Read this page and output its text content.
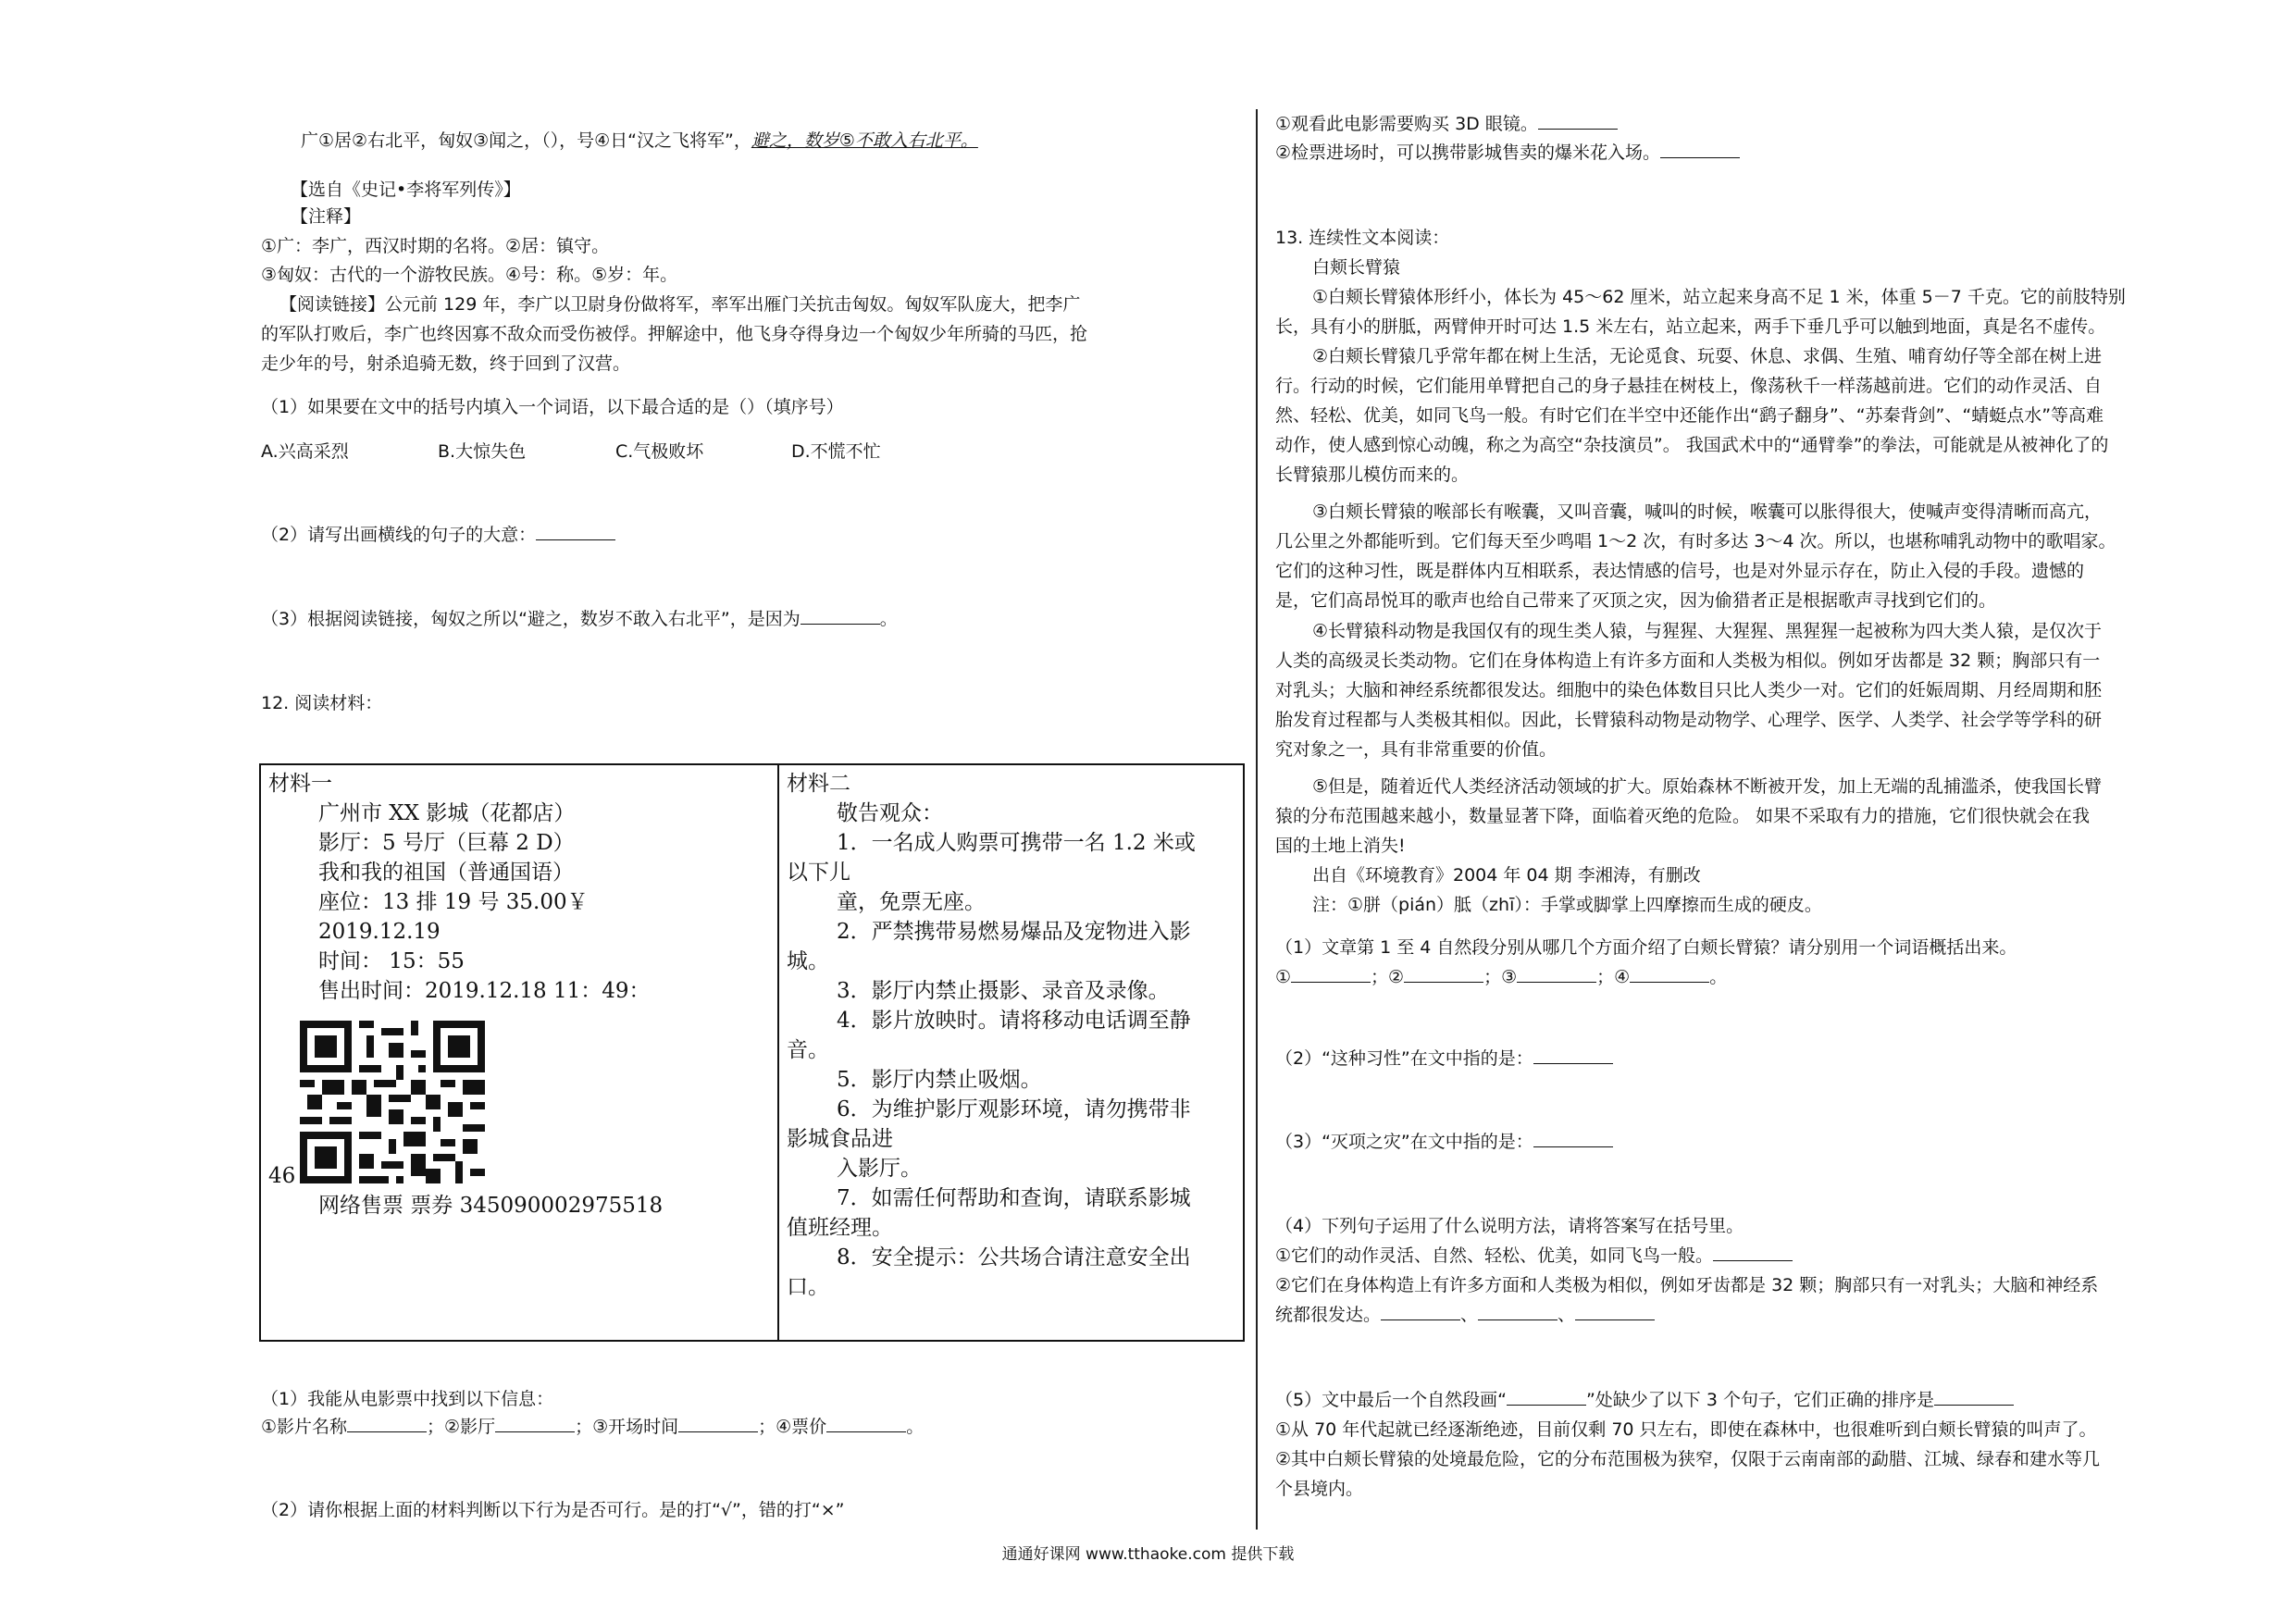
广①居②右北平，匈奴③闻之，（），号④日“汉之飞将军”，避之，数岁⑤不敢入右北平。

【选自《史记•李将军列传》】

【注释】

①广：李广，西汉时期的名将。②居：镇守。

③匈奴：古代的一个游牧民族。④号：称。⑤岁：年。

【阅读链接】公元前 129 年，李广以卫尉身份做将军，率军出雁门关抗击匈奴。匈奴军队庞大，把李广

的军队打败后，李广也终因寡不敌众而受伤被俘。押解途中，他飞身夺得身边一个匈奴少年所骑的马匹，抢

走少年的号，射杀追骑无数，终于回到了汉营。

（1）如果要在文中的括号内填入一个词语，以下最合适的是（）（填序号）

A.兴高采烈	B.大惊失色	C.气极败坏	D.不慌不忙

（2）请写出画横线的句子的大意：

（3）根据阅读链接，匈奴之所以“避之，数岁不敢入右北平”，是因为	。

12. 阅读材料：

材料一

广州市 XX 影城（花都店）

影厅：5 号厅（巨幕 2 D）

我和我的祖国（普通国语）

座位：13 排 19 号 35.00￥

2019.12.19

时间： 15：55

售出时间：2019.12.18 11：49：

46

网络售票 票券 345090002975518

材料二

敬告观众：

1．一名成人购票可携带一名 1.2 米或

以下儿

童，免票无座。

2．严禁携带易燃易爆品及宠物进入影

城。

3．影厅内禁止摄影、录音及录像。

4．影片放映时。请将移动电话调至静

音。

5．影厅内禁止吸烟。

6．为维护影厅观影环境，请勿携带非

影城食品进

入影厅。

7．如需任何帮助和查询，请联系影城

值班经理。

8．安全提示：公共场合请注意安全出

口。

（1）我能从电影票中找到以下信息：

①影片名称	；②影厅	；③开场时间	；④票价	。

（2）请你根据上面的材料判断以下行为是否可行。是的打“√”，错的打“×”

①观看此电影需要购买 3D 眼镜。

②检票进场时，可以携带影城售卖的爆米花入场。

13. 连续性文本阅读：

白颊长臂猿

①白颊长臂猿体形纤小，体长为 45～62 厘米，站立起来身高不足 1 米，体重 5－7 千克。它的前肢特别

长，具有小的胼胝，两臂伸开时可达 1.5 米左右，站立起来，两手下垂几乎可以触到地面，真是名不虚传。

②白颊长臂猿几乎常年都在树上生活，无论觅食、玩耍、休息、求偶、生殖、哺育幼仔等全部在树上进

行。行动的时候，它们能用单臂把自己的身子悬挂在树枝上，像荡秋千一样荡越前进。它们的动作灵活、自

然、轻松、优美，如同飞鸟一般。有时它们在半空中还能作出“鹞子翻身”、“苏秦背剑”、“蜻蜓点水”等高难

动作，使人感到惊心动魄，称之为高空“杂技演员”。 我国武术中的“通臂拳”的拳法，可能就是从被神化了的

长臂猿那儿模仿而来的。

③白颊长臂猿的喉部长有喉囊，又叫音囊，喊叫的时候，喉囊可以胀得很大，使喊声变得清晰而高亢，

几公里之外都能听到。它们每天至少鸣唱 1～2 次，有时多达 3～4 次。所以，也堪称哺乳动物中的歌唱家。

它们的这种习性，既是群体内互相联系，表达情感的信号，也是对外显示存在，防止入侵的手段。遗憾的

是，它们高昂悦耳的歌声也给自己带来了灭顶之灾，因为偷猎者正是根据歌声寻找到它们的。

④长臂猿科动物是我国仅有的现生类人猿，与猩猩、大猩猩、黑猩猩一起被称为四大类人猿，是仅次于

人类的高级灵长类动物。它们在身体构造上有许多方面和人类极为相似。例如牙齿都是 32 颗；胸部只有一

对乳头；大脑和神经系统都很发达。细胞中的染色体数目只比人类少一对。它们的妊娠周期、月经周期和胚

胎发育过程都与人类极其相似。因此，长臂猿科动物是动物学、心理学、医学、人类学、社会学等学科的研

究对象之一，具有非常重要的价值。

⑤但是，随着近代人类经济活动领域的扩大。原始森林不断被开发，加上无端的乱捕滥杀，使我国长臂

猿的分布范围越来越小，数量显著下降，面临着灭绝的危险。 如果不采取有力的措施，它们很快就会在我

国的土地上消失!

出自《环境教育》2004 年 04 期 李湘涛，有删改

注：①胼（pián）胝（zhī）：手掌或脚掌上四摩擦而生成的硬皮。

（1）文章第 1 至 4 自然段分别从哪几个方面介绍了白颊长臂猿？请分别用一个词语概括出来。

①	；②	；③	；④	。

（2）“这种习性”在文中指的是：

（3）“灭项之灾”在文中指的是：

（4）下列句子运用了什么说明方法，请将答案写在括号里。

①它们的动作灵活、自然、轻松、优美，如同飞鸟一般。

②它们在身体构造上有许多方面和人类极为相似，例如牙齿都是 32 颗；胸部只有一对乳头；大脑和神经系

统都很发达。	、	、

（5）文中最后一个自然段画“	”处缺少了以下 3 个句子，它们正确的排序是

①从 70 年代起就已经逐渐绝迹，目前仅剩 70 只左右，即使在森林中，也很难听到白颊长臂猿的叫声了。

②其中白颊长臂猿的处境最危险，它的分布范围极为狭窄，仅限于云南南部的勐腊、江城、绿春和建水等几

个县境内。

通通好课网 www.tthaoke.com 提供下载
